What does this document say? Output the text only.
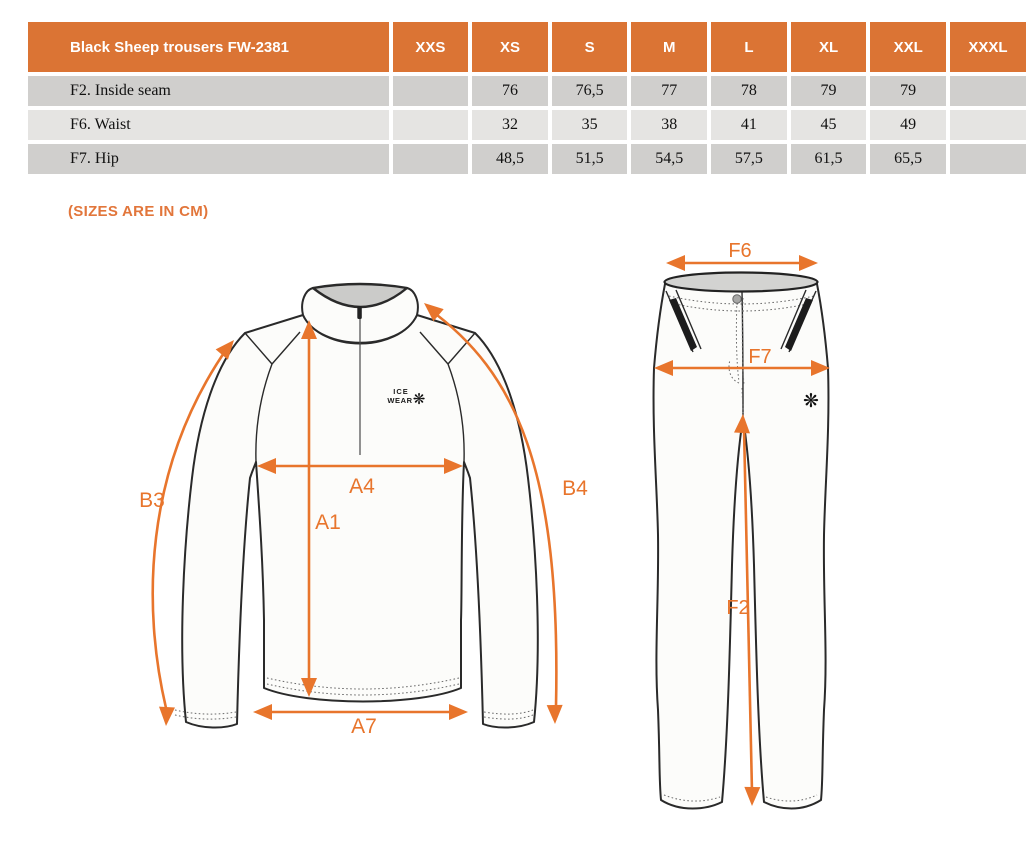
Black Sheep trousers FW-2381	XXS	XS	S	M	L	XL	XXL	XXXL
F2. Inside seam		76	76,5	77	78	79	79	
F6. Waist		32	35	38	41	45	49	
F7. Hip		48,5	51,5	54,5	57,5	61,5	65,5	
(SIZES ARE IN CM)
ICE
WEAR ❋
B3
A4
A1
B4
A7
❋
F6
F7
F2
